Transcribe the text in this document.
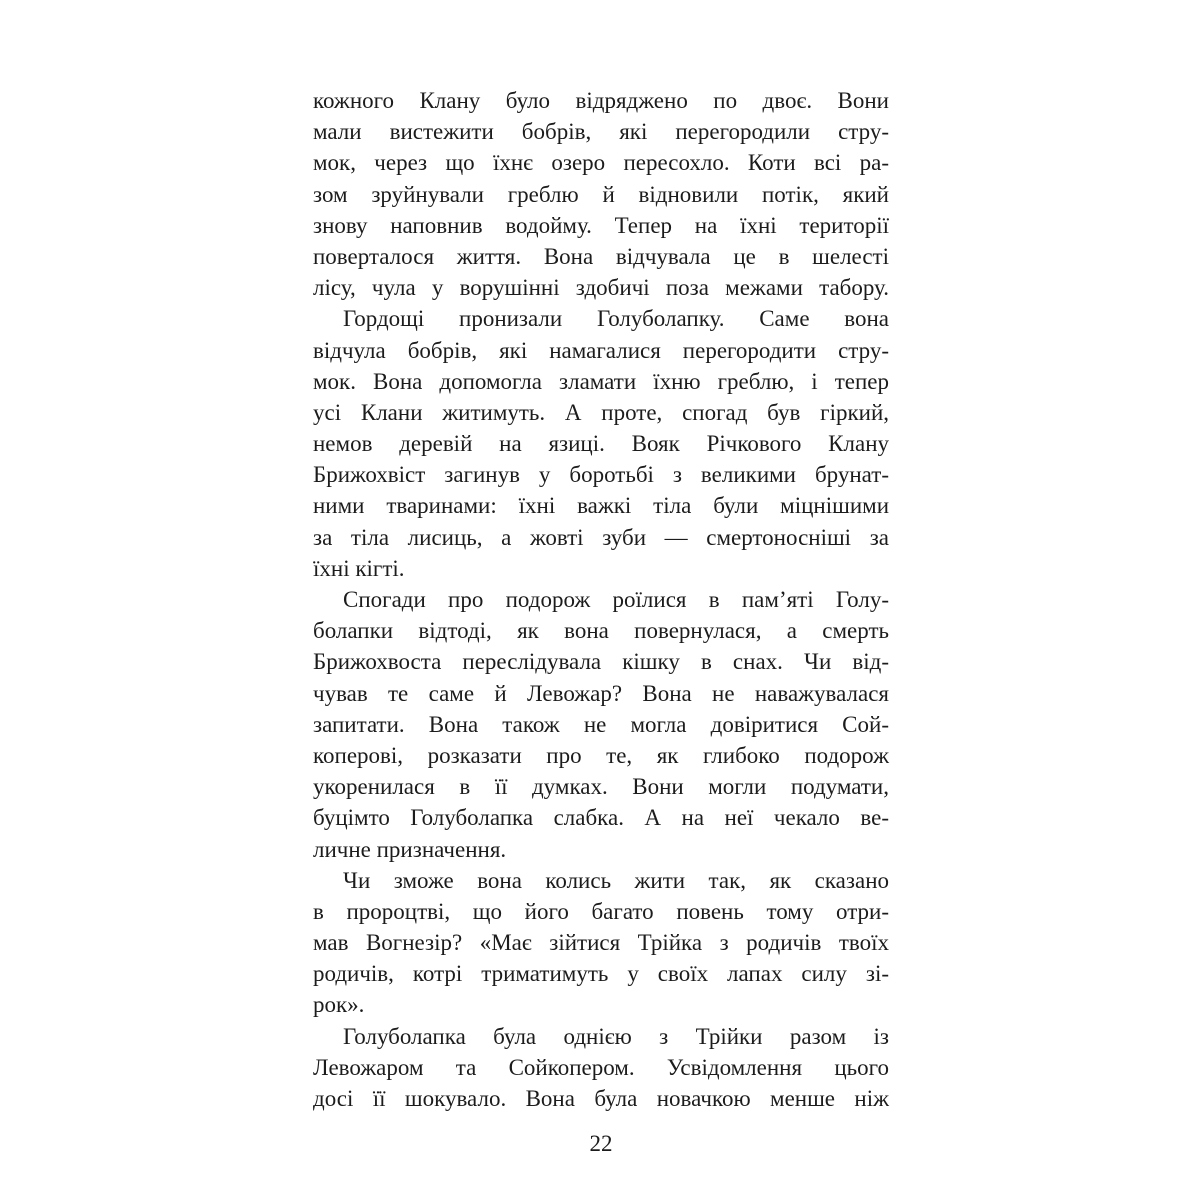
кожного Клану було відряджено по двоє. Вони
мали вистежити бобрів, які перегородили стру-
мок, через що їхнє озеро пересохло. Коти всі ра-
зом зруйнували греблю й відновили потік, який
знову наповнив водойму. Тепер на їхні території
поверталося життя. Вона відчувала це в шелесті
лісу, чула у ворушінні здобичі поза межами табору.
Гордощі пронизали Голуболапку. Саме вона
відчула бобрів, які намагалися перегородити стру-
мок. Вона допомогла зламати їхню греблю, і тепер
усі Клани житимуть. А проте, спогад був гіркий,
немов деревій на язиці. Вояк Річкового Клану
Брижохвіст загинув у боротьбі з великими брунат-
ними тваринами: їхні важкі тіла були міцнішими
за тіла лисиць, а жовті зуби — смертоносніші за
їхні кігті.
Спогади про подорож роїлися в пам’яті Голу-
болапки відтоді, як вона повернулася, а смерть
Брижохвоста переслідувала кішку в снах. Чи від-
чував те саме й Левожар? Вона не наважувалася
запитати. Вона також не могла довіритися Сой-
коперові, розказати про те, як глибоко подорож
укоренилася в її думках. Вони могли подумати,
буцімто Голуболапка слабка. А на неї чекало ве-
личне призначення.
Чи зможе вона колись жити так, як сказано
в пророцтві, що його багато повень тому отри-
мав Вогнезір? «Має зійтися Трійка з родичів твоїх
родичів, котрі триматимуть у своїх лапах силу зі-
рок».
Голуболапка була однією з Трійки разом із
Левожаром та Сойкопером. Усвідомлення цього
досі її шокувало. Вона була новачкою менше ніж
22
